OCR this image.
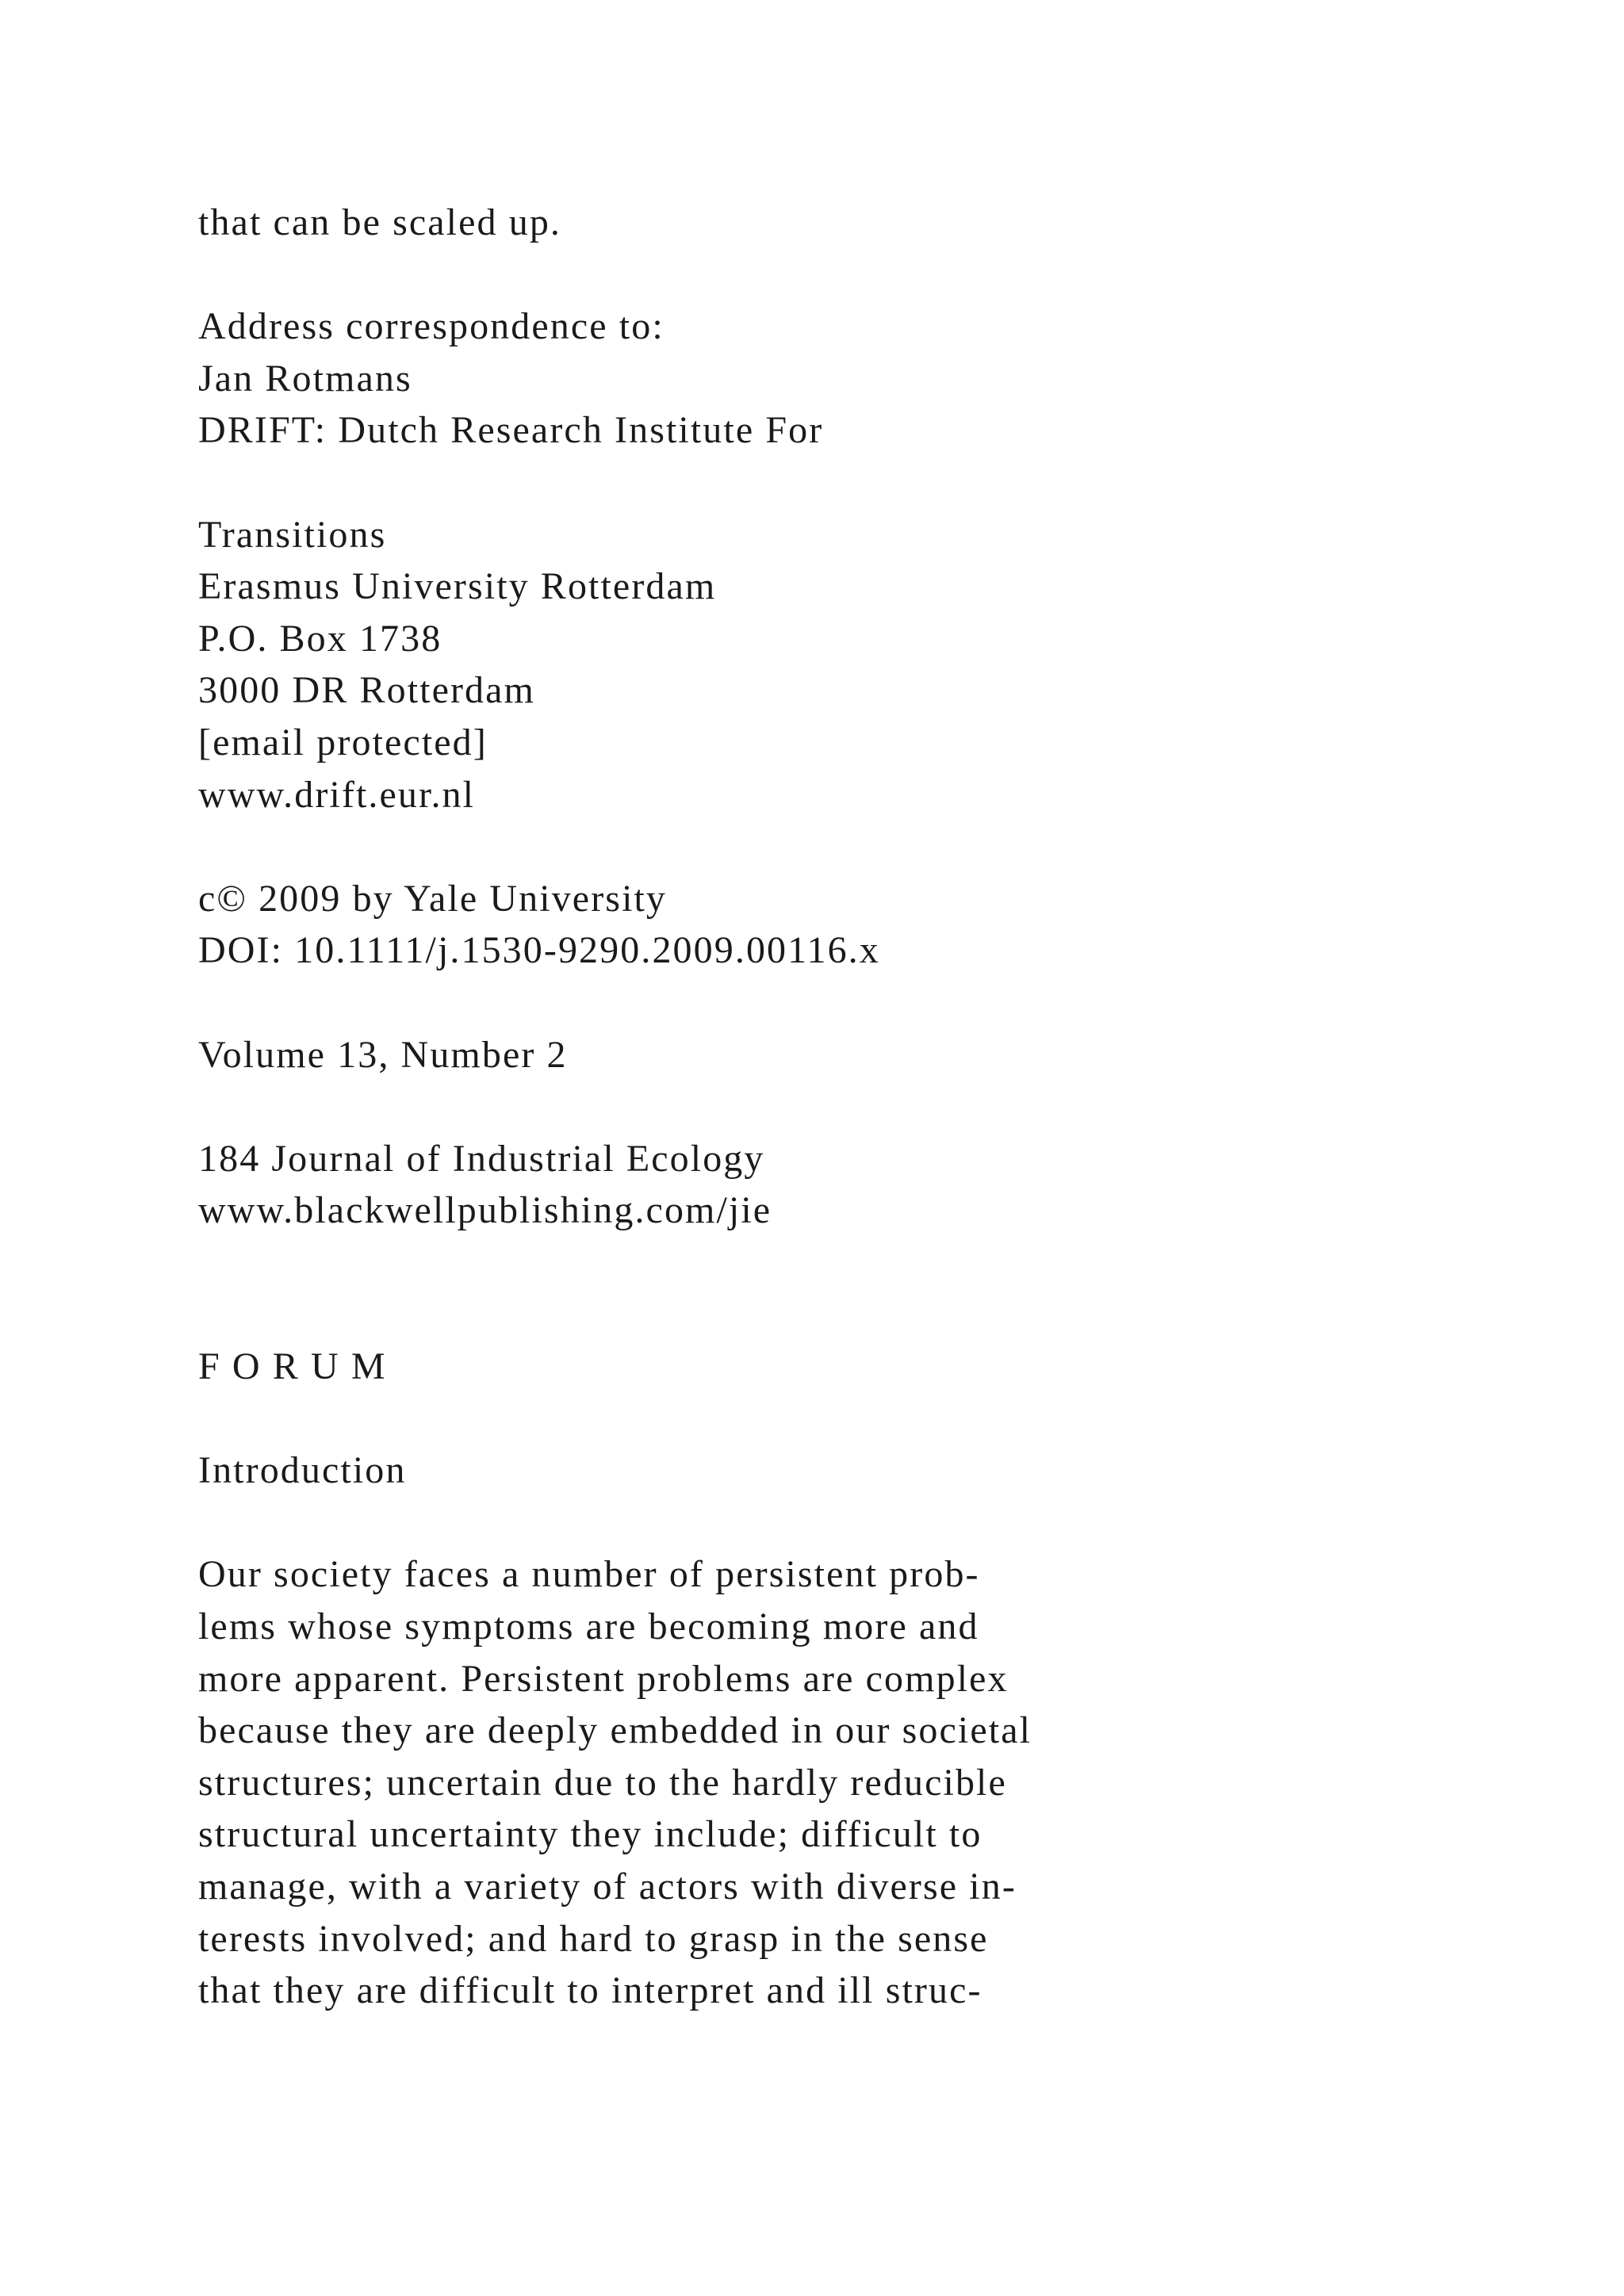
that can be scaled up.
Address correspondence to:
Jan Rotmans
DRIFT: Dutch Research Institute For
Transitions
Erasmus University Rotterdam
P.O. Box 1738
3000 DR Rotterdam
[email protected]
www.drift.eur.nl
c© 2009 by Yale University
DOI: 10.1111/j.1530-9290.2009.00116.x
Volume 13, Number 2
184 Journal of Industrial Ecology
www.blackwellpublishing.com/jie
F O R U M
Introduction
Our society faces a number of persistent prob-
lems whose symptoms are becoming more and
more apparent. Persistent problems are complex
because they are deeply embedded in our societal
structures; uncertain due to the hardly reducible
structural uncertainty they include; difficult to
manage, with a variety of actors with diverse in-
terests involved; and hard to grasp in the sense
that they are difficult to interpret and ill struc-
